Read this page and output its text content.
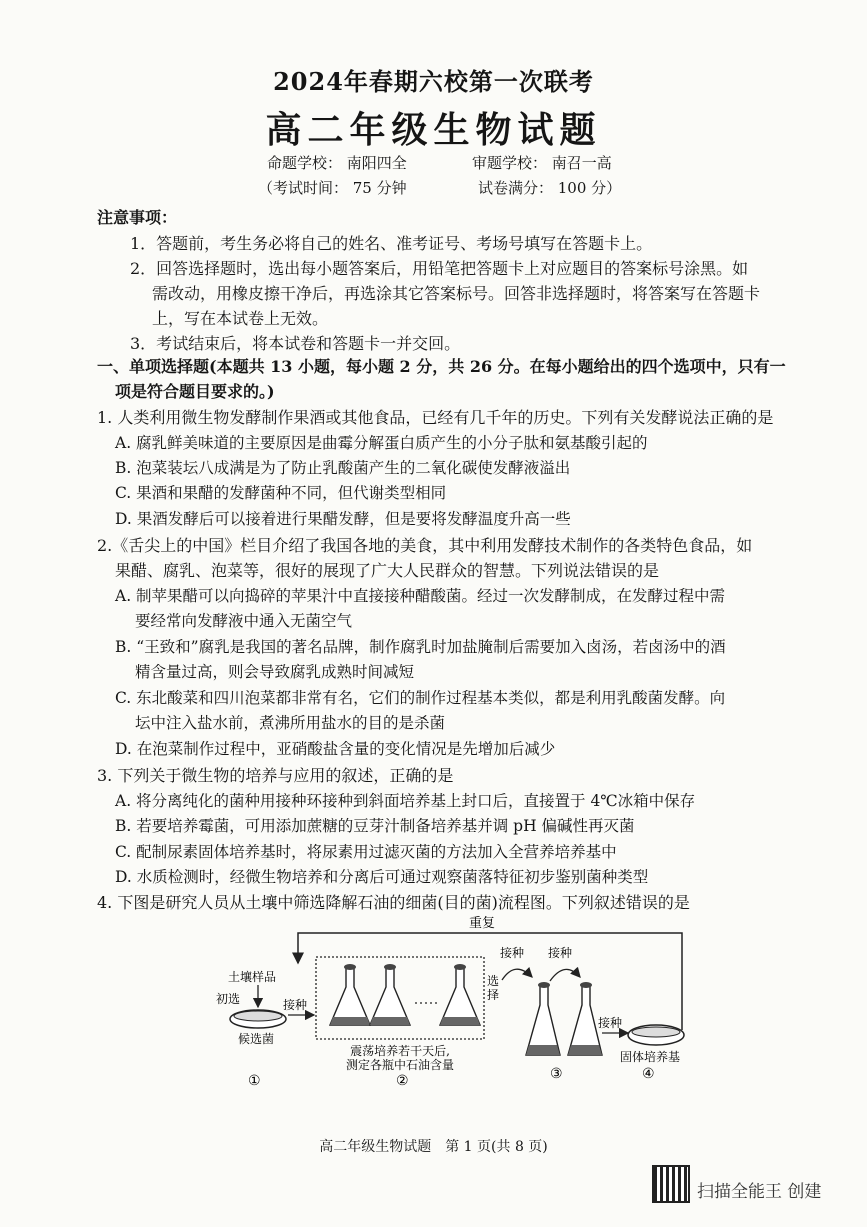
2024年春期六校第一次联考
高二年级生物试题
命题学校： 南阳四全	审题学校： 南召一高
（考试时间： 75 分钟	试卷满分： 100 分）
注意事项：
1．答题前，考生务必将自己的姓名、准考证号、考场号填写在答题卡上。
2．回答选择题时，选出每小题答案后，用铅笔把答题卡上对应题目的答案标号涂黑。如
需改动，用橡皮擦干净后，再选涂其它答案标号。回答非选择题时，将答案写在答题卡
上，写在本试卷上无效。
3．考试结束后，将本试卷和答题卡一并交回。
一、单项选择题(本题共 13 小题，每小题 2 分，共 26 分。在每小题给出的四个选项中，只有一
项是符合题目要求的。)
1. 人类利用微生物发酵制作果酒或其他食品，已经有几千年的历史。下列有关发酵说法正确的是
A. 腐乳鲜美味道的主要原因是曲霉分解蛋白质产生的小分子肽和氨基酸引起的
B. 泡菜装坛八成满是为了防止乳酸菌产生的二氧化碳使发酵液溢出
C. 果酒和果醋的发酵菌种不同，但代谢类型相同
D. 果酒发酵后可以接着进行果醋发酵，但是要将发酵温度升高一些
2.《舌尖上的中国》栏目介绍了我国各地的美食，其中利用发酵技术制作的各类特色食品，如
果醋、腐乳、泡菜等，很好的展现了广大人民群众的智慧。下列说法错误的是
A. 制苹果醋可以向捣碎的苹果汁中直接接种醋酸菌。经过一次发酵制成，在发酵过程中需
要经常向发酵液中通入无菌空气
B. “王致和”腐乳是我国的著名品牌，制作腐乳时加盐腌制后需要加入卤汤，若卤汤中的酒
精含量过高，则会导致腐乳成熟时间减短
C. 东北酸菜和四川泡菜都非常有名，它们的制作过程基本类似，都是利用乳酸菌发酵。向
坛中注入盐水前，煮沸所用盐水的目的是杀菌
D. 在泡菜制作过程中，亚硝酸盐含量的变化情况是先增加后减少
3. 下列关于微生物的培养与应用的叙述，正确的是
A. 将分离纯化的菌种用接种环接种到斜面培养基上封口后，直接置于 4℃冰箱中保存
B. 若要培养霉菌，可用添加蔗糖的豆芽汁制备培养基并调 pH 偏碱性再灭菌
C. 配制尿素固体培养基时，将尿素用过滤灭菌的方法加入全营养培养基中
D. 水质检测时，经微生物培养和分离后可通过观察菌落特征初步鉴别菌种类型
4. 下图是研究人员从土壤中筛选降解石油的细菌(目的菌)流程图。下列叙述错误的是
重复
土壤样品
初选
候选菌
①
接种
震荡培养若干天后,
测定各瓶中石油含量
②
选择
接种 接种
③
接种
固体培养基
④
高二年级生物试题　第 1 页(共 8 页)
扫描全能王 创建
